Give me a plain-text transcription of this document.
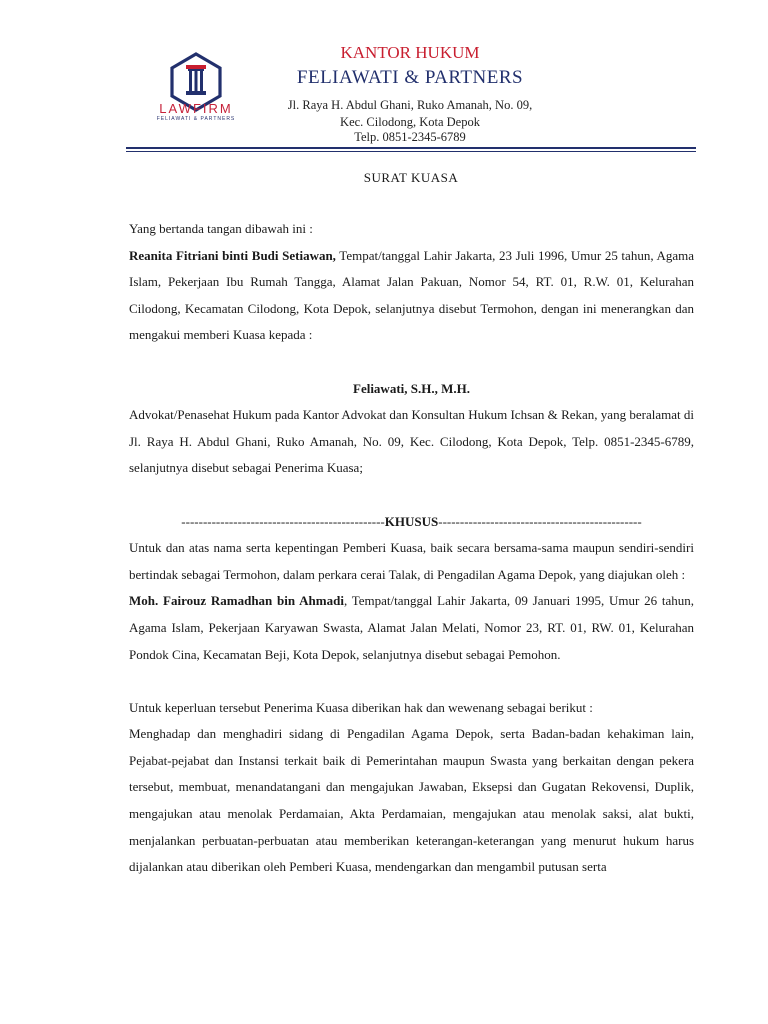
LAWFIRM
FELIAWATI & PARTNERS
KANTOR HUKUM
FELIAWATI & PARTNERS
Jl. Raya H. Abdul Ghani, Ruko Amanah, No. 09,
Kec. Cilodong, Kota Depok
Telp. 0851-2345-6789
SURAT KUASA

Yang bertanda tangan dibawah ini :

Reanita Fitriani binti Budi Setiawan, Tempat/tanggal Lahir Jakarta, 23 Juli 1996, Umur 25 tahun, Agama Islam, Pekerjaan Ibu Rumah Tangga, Alamat Jalan Pakuan, Nomor 54, RT. 01, R.W. 01, Kelurahan Cilodong, Kecamatan Cilodong, Kota Depok, selanjutnya disebut Termohon, dengan ini menerangkan dan mengakui memberi Kuasa kepada :

Feliawati, S.H., M.H.

Advokat/Penasehat Hukum pada Kantor Advokat dan Konsultan Hukum Ichsan & Rekan, yang beralamat di Jl. Raya H. Abdul Ghani, Ruko Amanah, No. 09, Kec. Cilodong, Kota Depok, Telp. 0851-2345-6789, selanjutnya disebut sebagai Penerima Kuasa;

-----------------------------------------------KHUSUS-----------------------------------------------

Untuk dan atas nama serta kepentingan Pemberi Kuasa, baik secara bersama-sama maupun sendiri-sendiri bertindak sebagai Termohon, dalam perkara cerai Talak, di Pengadilan Agama Depok, yang diajukan oleh :

Moh. Fairouz Ramadhan bin Ahmadi, Tempat/tanggal Lahir Jakarta, 09 Januari 1995, Umur 26 tahun, Agama Islam, Pekerjaan Karyawan Swasta, Alamat Jalan Melati, Nomor 23, RT. 01, RW. 01, Kelurahan Pondok Cina, Kecamatan Beji, Kota Depok, selanjutnya disebut sebagai Pemohon.

Untuk keperluan tersebut Penerima Kuasa diberikan hak dan wewenang sebagai berikut :

Menghadap dan menghadiri sidang di Pengadilan Agama Depok, serta Badan-badan kehakiman lain, Pejabat-pejabat dan Instansi terkait baik di Pemerintahan maupun Swasta yang berkaitan dengan pekera tersebut, membuat, menandatangani dan mengajukan Jawaban, Eksepsi dan Gugatan Rekovensi, Duplik, mengajukan atau menolak Perdamaian, Akta Perdamaian, mengajukan atau menolak saksi, alat bukti, menjalankan perbuatan-perbuatan atau memberikan keterangan-keterangan yang menurut hukum harus dijalankan atau diberikan oleh Pemberi Kuasa, mendengarkan dan mengambil putusan serta
